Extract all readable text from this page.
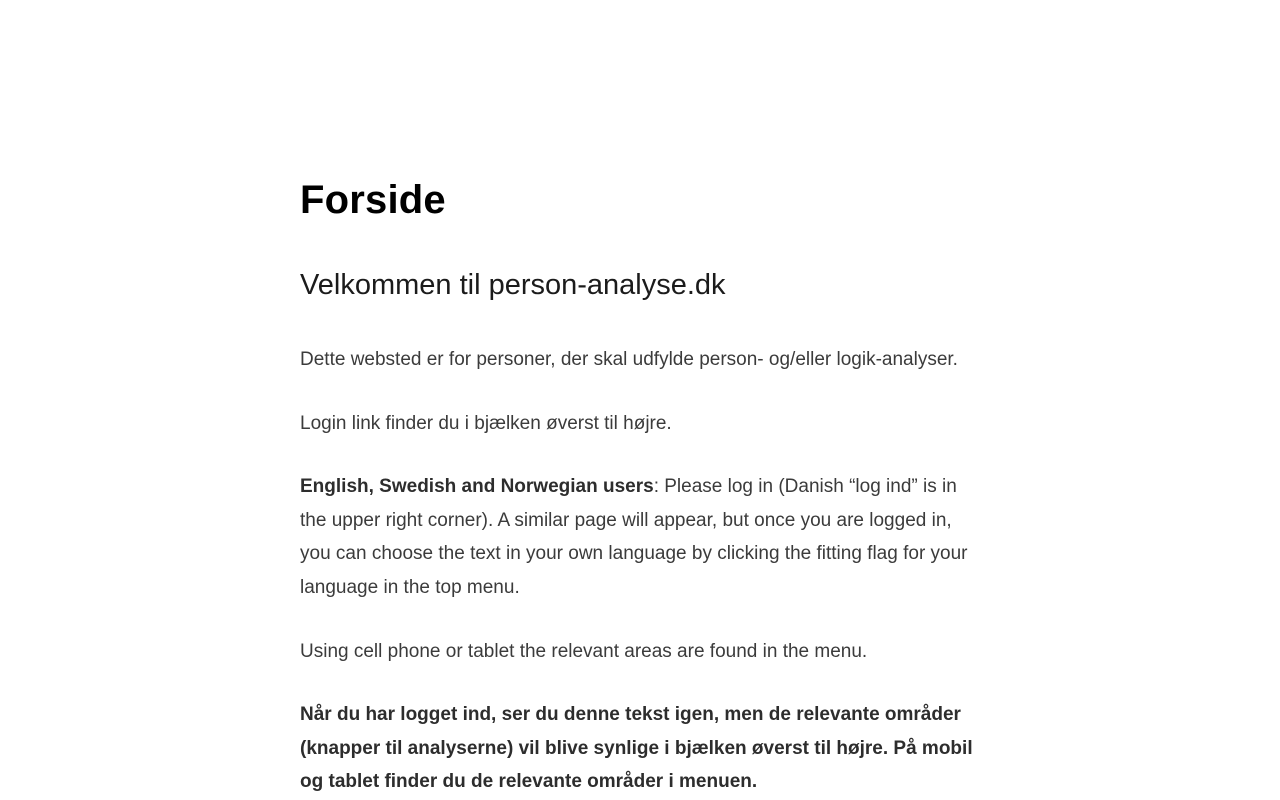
Forside
Velkommen til person-analyse.dk

Dette websted er for personer, der skal udfylde person- og/eller logik-analyser.

Login link finder du i bjælken øverst til højre.

English, Swedish and Norwegian users: Please log in (Danish “log ind” is in the upper right corner). A similar page will appear, but once you are logged in, you can choose the text in your own language by clicking the fitting flag for your language in the top menu.

Using cell phone or tablet the relevant areas are found in the menu.

Når du har logget ind, ser du denne tekst igen, men de relevante områder (knapper til analyserne) vil blive synlige i bjælken øverst til højre. På mobil og tablet finder du de relevante områder i menuen.
